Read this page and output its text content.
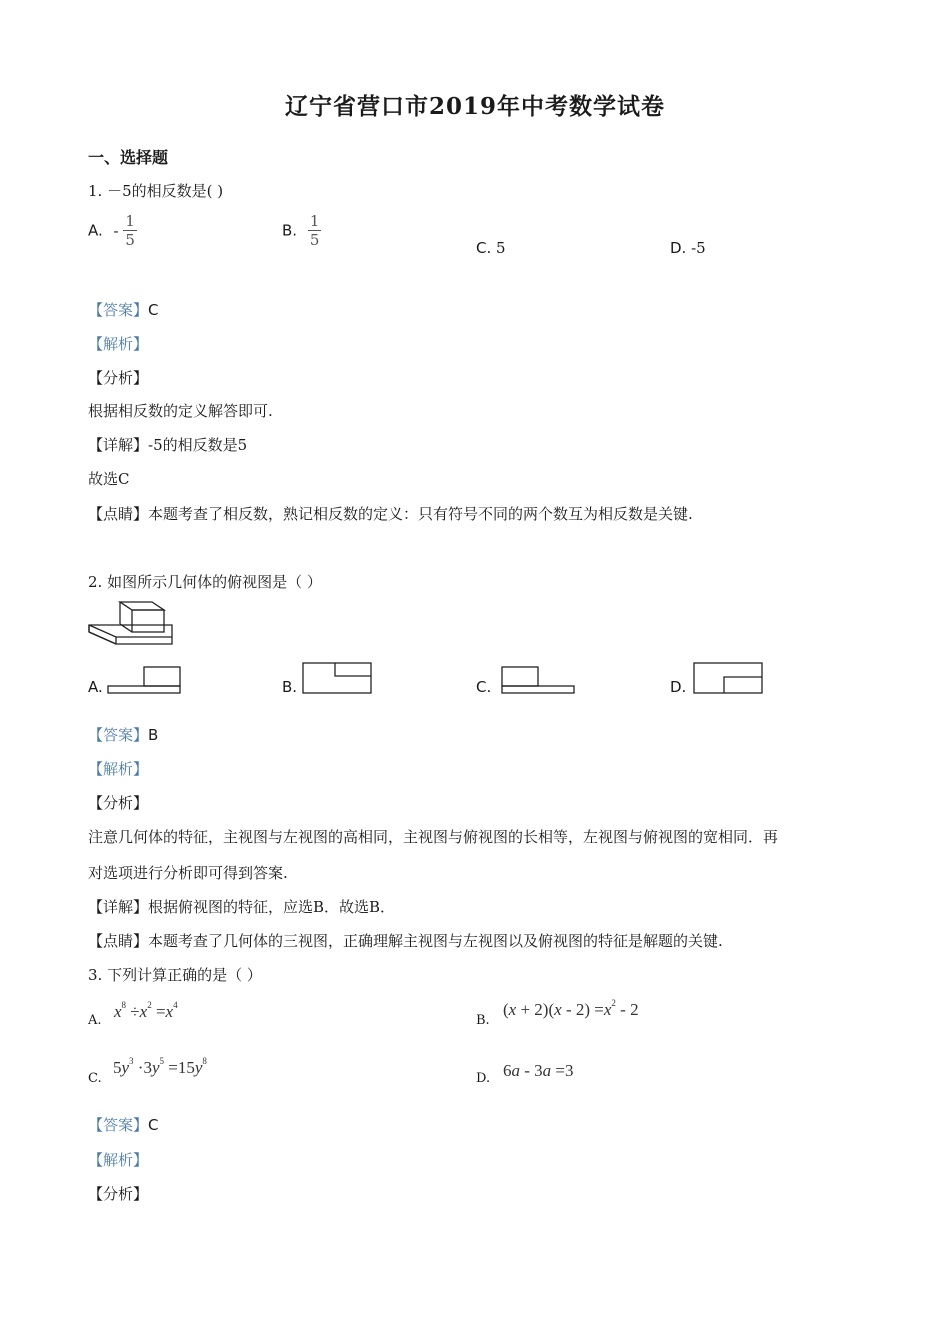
辽宁省营口市2019年中考数学试卷
一、选择题
1. －5的相反数是( )
A. - $\frac{1}{5}$	B. $\frac{1}{5}$	C. 5	D. -5
【答案】C
【解析】
【分析】
根据相反数的定义解答即可.
【详解】-5的相反数是5
故选C
【点睛】本题考查了相反数，熟记相反数的定义：只有符号不同的两个数互为相反数是关键.
2. 如图所示几何体的俯视图是（ ）
A.	B.	C.	D.
【答案】B
【解析】
【分析】
注意几何体的特征，主视图与左视图的高相同，主视图与俯视图的长相等，左视图与俯视图的宽相同．再
对选项进行分析即可得到答案.
【详解】根据俯视图的特征，应选B．故选B．
【点睛】本题考查了几何体的三视图，正确理解主视图与左视图以及俯视图的特征是解题的关键.
3. 下列计算正确的是（ ）
A. $x^8 \div x^2 =x^4$
B.
$(x + 2)(x - 2) =x^2 - 2$
C.
$5y^3 \cdot 3y^5 =15y^8$
D. 6a - 3a =3
【答案】C
【解析】
【分析】
